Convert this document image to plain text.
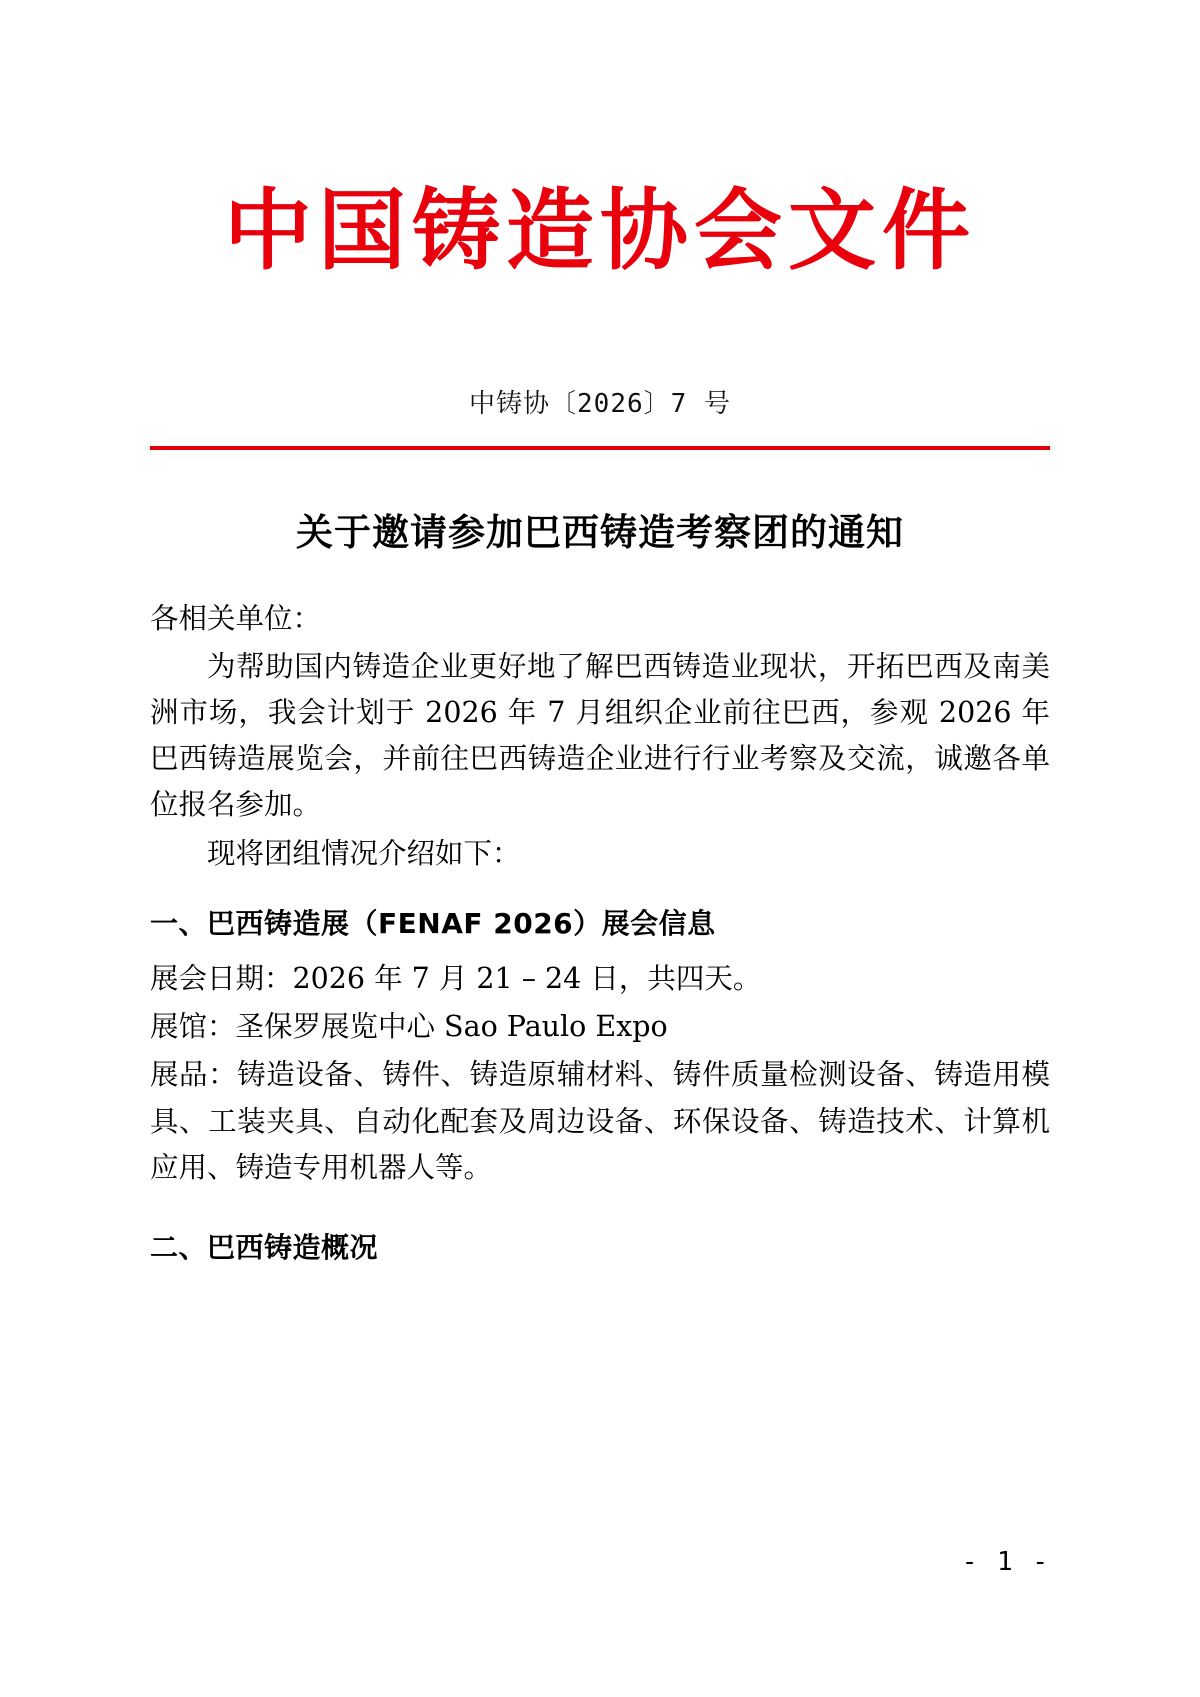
中国铸造协会文件
中铸协〔2026〕7 号
关于邀请参加巴西铸造考察团的通知

各相关单位：

为帮助国内铸造企业更好地了解巴西铸造业现状，开拓巴西及南美洲市场，我会计划于 2026 年 7 月组织企业前往巴西，参观 2026 年巴西铸造展览会，并前往巴西铸造企业进行行业考察及交流，诚邀各单位报名参加。

现将团组情况介绍如下：

一、巴西铸造展（FENAF 2026）展会信息

展会日期：2026 年 7 月 21 – 24 日，共四天。

展馆：圣保罗展览中心 Sao Paulo Expo

展品：铸造设备、铸件、铸造原辅材料、铸件质量检测设备、铸造用模具、工装夹具、自动化配套及周边设备、环保设备、铸造技术、计算机应用、铸造专用机器人等。

二、巴西铸造概况
- 1 -
